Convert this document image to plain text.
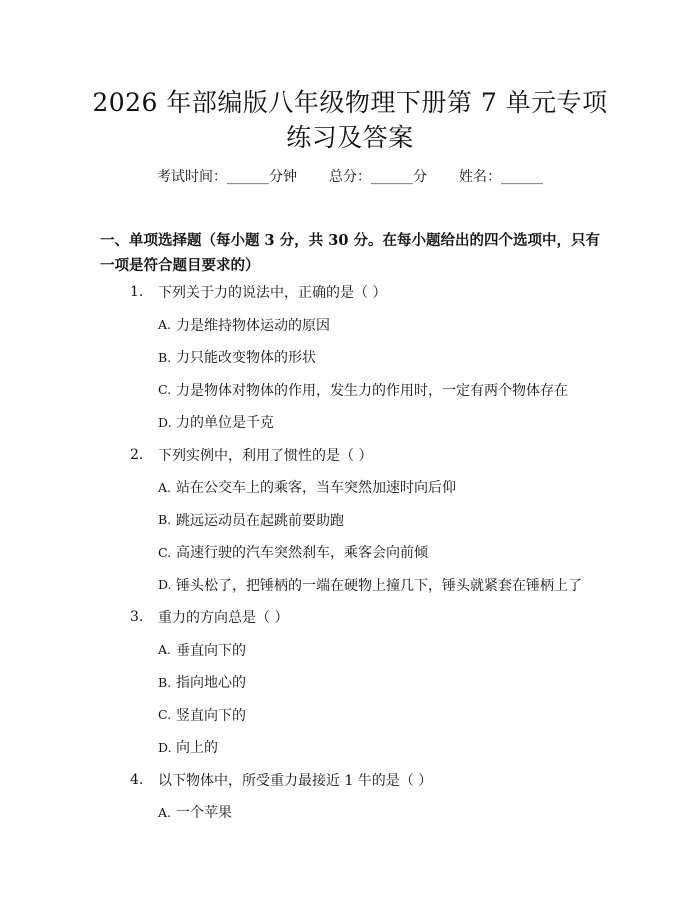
2026 年部编版八年级物理下册第 7 单元专项
练习及答案
考试时间：______分钟 总分：______分 姓名：______

一、单项选择题（每小题 3 分，共 30 分。在每小题给出的四个选项中，只有一项是符合题目要求的）

1.	下列关于力的说法中，正确的是（ ）
A. 力是维持物体运动的原因
B. 力只能改变物体的形状
C. 力是物体对物体的作用，发生力的作用时，一定有两个物体存在
D. 力的单位是千克
2.	下列实例中，利用了惯性的是（ ）
A. 站在公交车上的乘客，当车突然加速时向后仰
B. 跳远运动员在起跳前要助跑
C. 高速行驶的汽车突然刹车，乘客会向前倾
D. 锤头松了，把锤柄的一端在硬物上撞几下，锤头就紧套在锤柄上了
3.	重力的方向总是（ ）
A. 垂直向下的
B. 指向地心的
C. 竖直向下的
D. 向上的
4.	以下物体中，所受重力最接近 1 牛的是（ ）
A. 一个苹果
